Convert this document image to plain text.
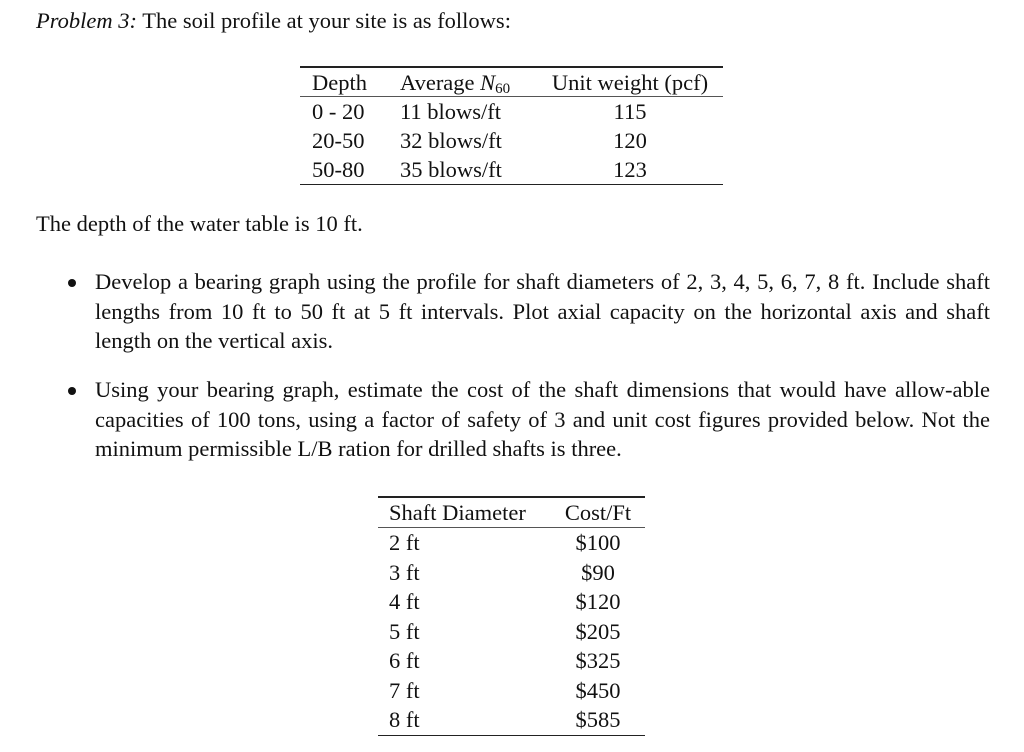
Problem 3: The soil profile at your site is as follows:
Depth Average $N_{60}$	Unit weight (pcf)
0 - 20 11 blows/ft	115
20-50 32 blows/ft	120
50-80 35 blows/ft	123
The depth of the water table is 10 ft.
Develop a bearing graph using the profile for shaft diameters of 2, 3, 4, 5, 6, 7, 8 ft. Include shaft lengths from 10 ft to 50 ft at 5 ft intervals. Plot axial capacity on the horizontal axis and shaft length on the vertical axis.
Using your bearing graph, estimate the cost of the shaft dimensions that would have allow-able capacities of 100 tons, using a factor of safety of 3 and unit cost figures provided below. Not the minimum permissible L/B ration for drilled shafts is three.
Shaft Diameter	Cost/Ft
2 ft	$100
3 ft	$90
4 ft	$120
5 ft	$205
6 ft	$325
7 ft	$450
8 ft	$585
